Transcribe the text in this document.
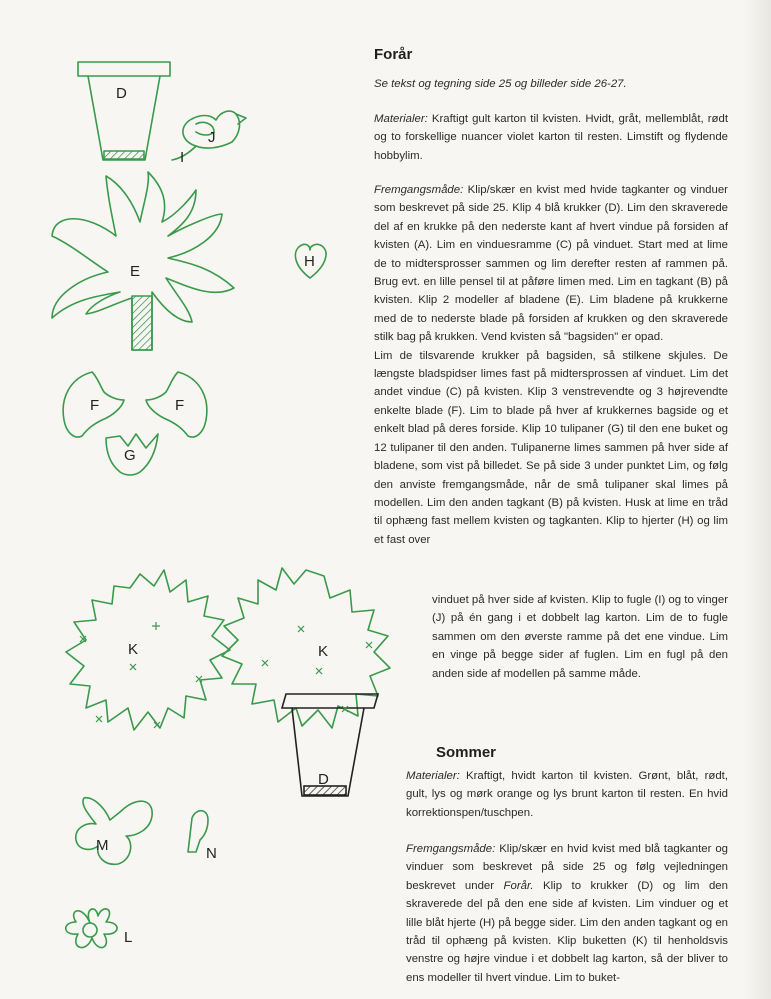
D
J
I
H
E
F	F
G
K	K
D
M	N
L
Forår

Se tekst og tegning side 25 og billeder side 26-27.

Materialer: Kraftigt gult karton til kvisten. Hvidt, gråt, mellemblåt, rødt og to forskellige nuancer violet karton til resten. Limstift og flydende hobbylim.

Fremgangsmåde: Klip/skær en kvist med hvide tagkanter og vinduer som beskrevet på side 25. Klip 4 blå krukker (D). Lim den skraverede del af en krukke på den nederste kant af hvert vindue på forsiden af kvisten (A). Lim en vinduesramme (C) på vinduet. Start med at lime de to midtersprosser sammen og lim derefter resten af rammen på. Brug evt. en lille pensel til at påføre limen med. Lim en tagkant (B) på kvisten. Klip 2 modeller af bladene (E). Lim bladene på krukkerne med de to nederste blade på forsiden af krukken og den skraverede stilk bag på krukken. Vend kvisten så "bagsiden" er opad.

Lim de tilsvarende krukker på bagsiden, så stilkene skjules. De længste bladspidser limes fast på midtersprossen af vinduet. Lim det andet vindue (C) på kvisten. Klip 3 venstrevendte og 3 højrevendte enkelte blade (F). Lim to blade på hver af krukkernes bagside og et enkelt blad på deres forside. Klip 10 tulipaner (G) til den ene buket og 12 tulipaner til den anden. Tulipanerne limes sammen på hver side af bladene, som vist på billedet. Se på side 3 under punktet Lim, og følg den anviste fremgangsmåde, når de små tulipaner skal limes på modellen. Lim den anden tagkant (B) på kvisten. Husk at lime en tråd til ophæng fast mellem kvisten og tagkanten. Klip to hjerter (H) og lim et fast over

vinduet på hver side af kvisten. Klip to fugle (I) og to vinger (J) på én gang i et dobbelt lag karton. Lim de to fugle sammen om den øverste ramme på det ene vindue. Lim en vinge på begge sider af fuglen. Lim en fugl på den anden side af modellen på samme måde.
Sommer

Materialer: Kraftigt, hvidt karton til kvisten. Grønt, blåt, rødt, gult, lys og mørk orange og lys brunt karton til resten. En hvid korrektionspen/tuschpen.

Fremgangsmåde: Klip/skær en hvid kvist med blå tagkanter og vinduer som beskrevet på side 25 og følg vejledningen beskrevet under Forår. Klip to krukker (D) og lim den skraverede del på den ene side af kvisten. Lim vinduer og et lille blåt hjerte (H) på begge sider. Lim den anden tagkant og en tråd til ophæng på kvisten. Klip buketten (K) til henholdsvis venstre og højre vindue i et dobbelt lag karton, så der bliver to ens modeller til hvert vindue. Lim to buket-
